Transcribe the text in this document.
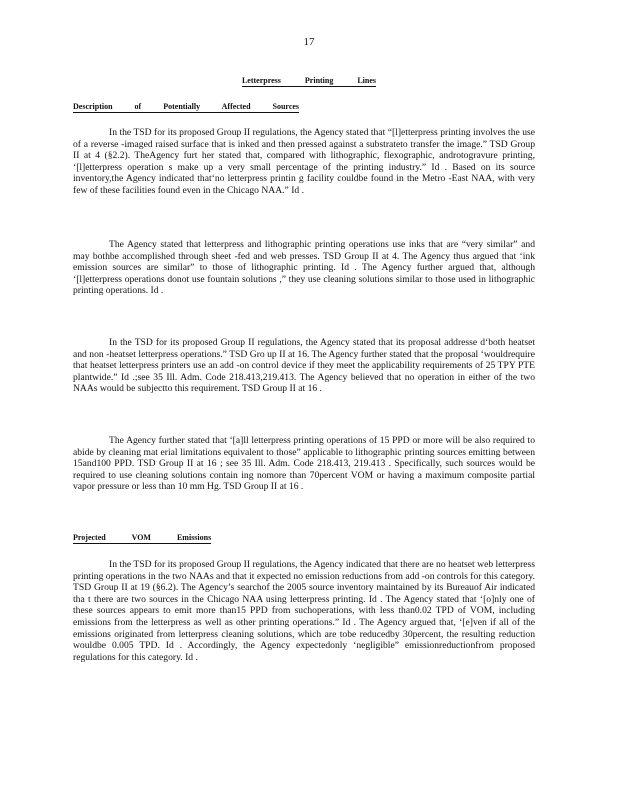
17
Letterpress Printing Lines
Description of Potentially Affected Sources

In the TSD for its proposed Group II regulations, the Agency stated that “[l]etterpress printing involves the use of a reverse -imaged raised surface that is inked and then pressed against a substrateto transfer the image.” TSD Group II at 4 (§2.2). TheAgency furt her stated that, compared with lithographic, flexographic, androtogravure printing, ‘[l]etterpress operation s make up a very small percentage of the printing industry.” Id . Based on its source inventory,the Agency indicated that‘no letterpress printin g facility couldbe found in the Metro -East NAA, with very few of these facilities found even in the Chicago NAA.” Id .

The Agency stated that letterpress and lithographic printing operations use inks that are “very similar” and may bothbe accomplished through sheet -fed and web presses. TSD Group II at 4. The Agency thus argued that ‘ink emission sources are similar” to those of lithographic printing. Id . The Agency further argued that, although ‘[l]etterpress operations donot use fountain solutions ,” they use cleaning solutions similar to those used in lithographic printing operations. Id .

In the TSD for its proposed Group II regulations, the Agency stated that its proposal addresse d‘both heatset and non -heatset letterpress operations.” TSD Gro up II at 16. The Agency further stated that the proposal ‘wouldrequire that heatset letterpress printers use an add -on control device if they meet the applicability requirements of 25 TPY PTE plantwide.” Id .;see 35 Ill. Adm. Code 218.413,219.413. The Agency believed that no operation in either of the two NAAs would be subjectto this requirement. TSD Group II at 16 .

The Agency further stated that ‘[a]ll letterpress printing operations of 15 PPD or more will be also required to abide by cleaning mat erial limitations equivalent to those” applicable to lithographic printing sources emitting between 15and100 PPD. TSD Group II at 16 ; see 35 Ill. Adm. Code 218.413, 219.413 . Specifically, such sources would be required to use cleaning solutions contain ing nomore than 70percent VOM or having a maximum composite partial vapor pressure or less than 10 mm Hg. TSD Group II at 16 .

Projected VOM Emissions

In the TSD for its proposed Group II regulations, the Agency indicated that there are no heatset web letterpress printing operations in the two NAAs and that it expected no emission reductions from add -on controls for this category. TSD Group II at 19 (§6.2). The Agency’s searchof the 2005 source inventory maintained by its Bureauof Air indicated tha t there are two sources in the Chicago NAA using letterpress printing. Id . The Agency stated that ‘[o]nly one of these sources appears to emit more than15 PPD from suchoperations, with less than0.02 TPD of VOM, including emissions from the letterpress as well as other printing operations.” Id . The Agency argued that, ‘[e]ven if all of the emissions originated from letterpress cleaning solutions, which are tobe reducedby 30percent, the resulting reduction wouldbe 0.005 TPD. Id . Accordingly, the Agency expectedonly ‘negligible” emissionreductionfrom proposed regulations for this category. Id .
